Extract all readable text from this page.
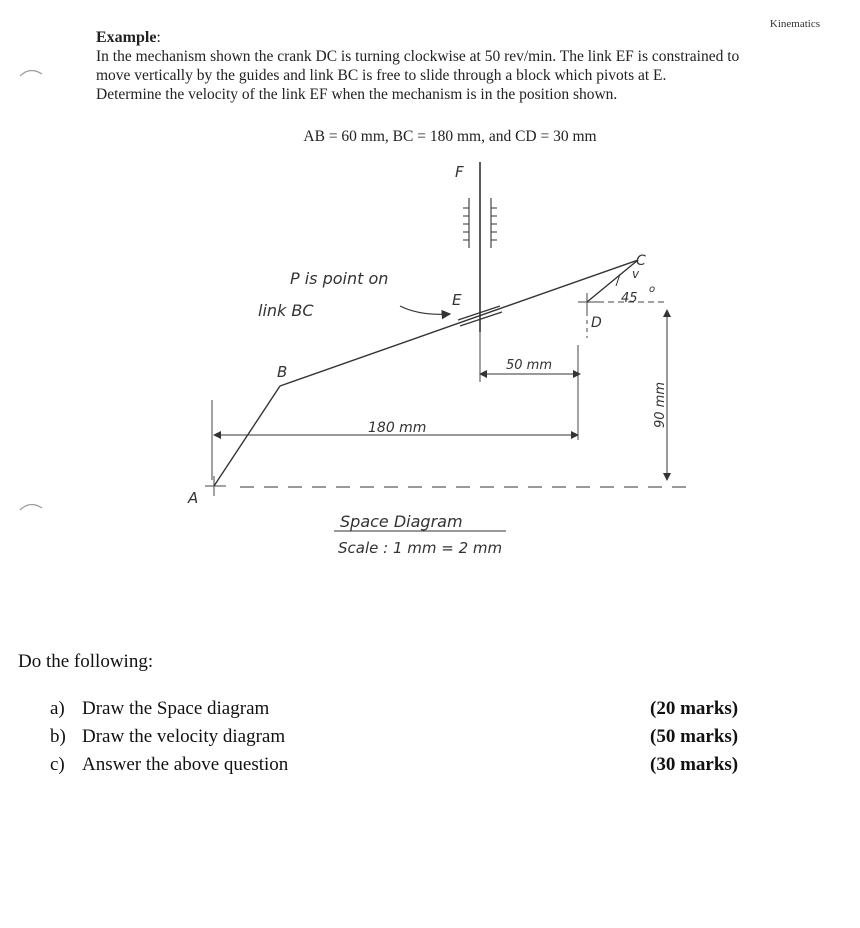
Kinematics
Example:
In the mechanism shown the crank DC is turning clockwise at 50 rev/min. The link EF is constrained to
move vertically by the guides and link BC is free to slide through a block which pivots at E.
Determine the velocity of the link EF when the mechanism is in the position shown.
AB = 60 mm, BC = 180 mm, and CD = 30 mm
180 mm
50 mm
90 mm
v
45
o
F
E
C
D
B
A
P is point on
link BC
Space Diagram
Scale : 1 mm = 2 mm
Do the following:
a) Draw the Space diagram	(20 marks)
b) Draw the velocity diagram	(50 marks)
c) Answer the above question	(30 marks)
